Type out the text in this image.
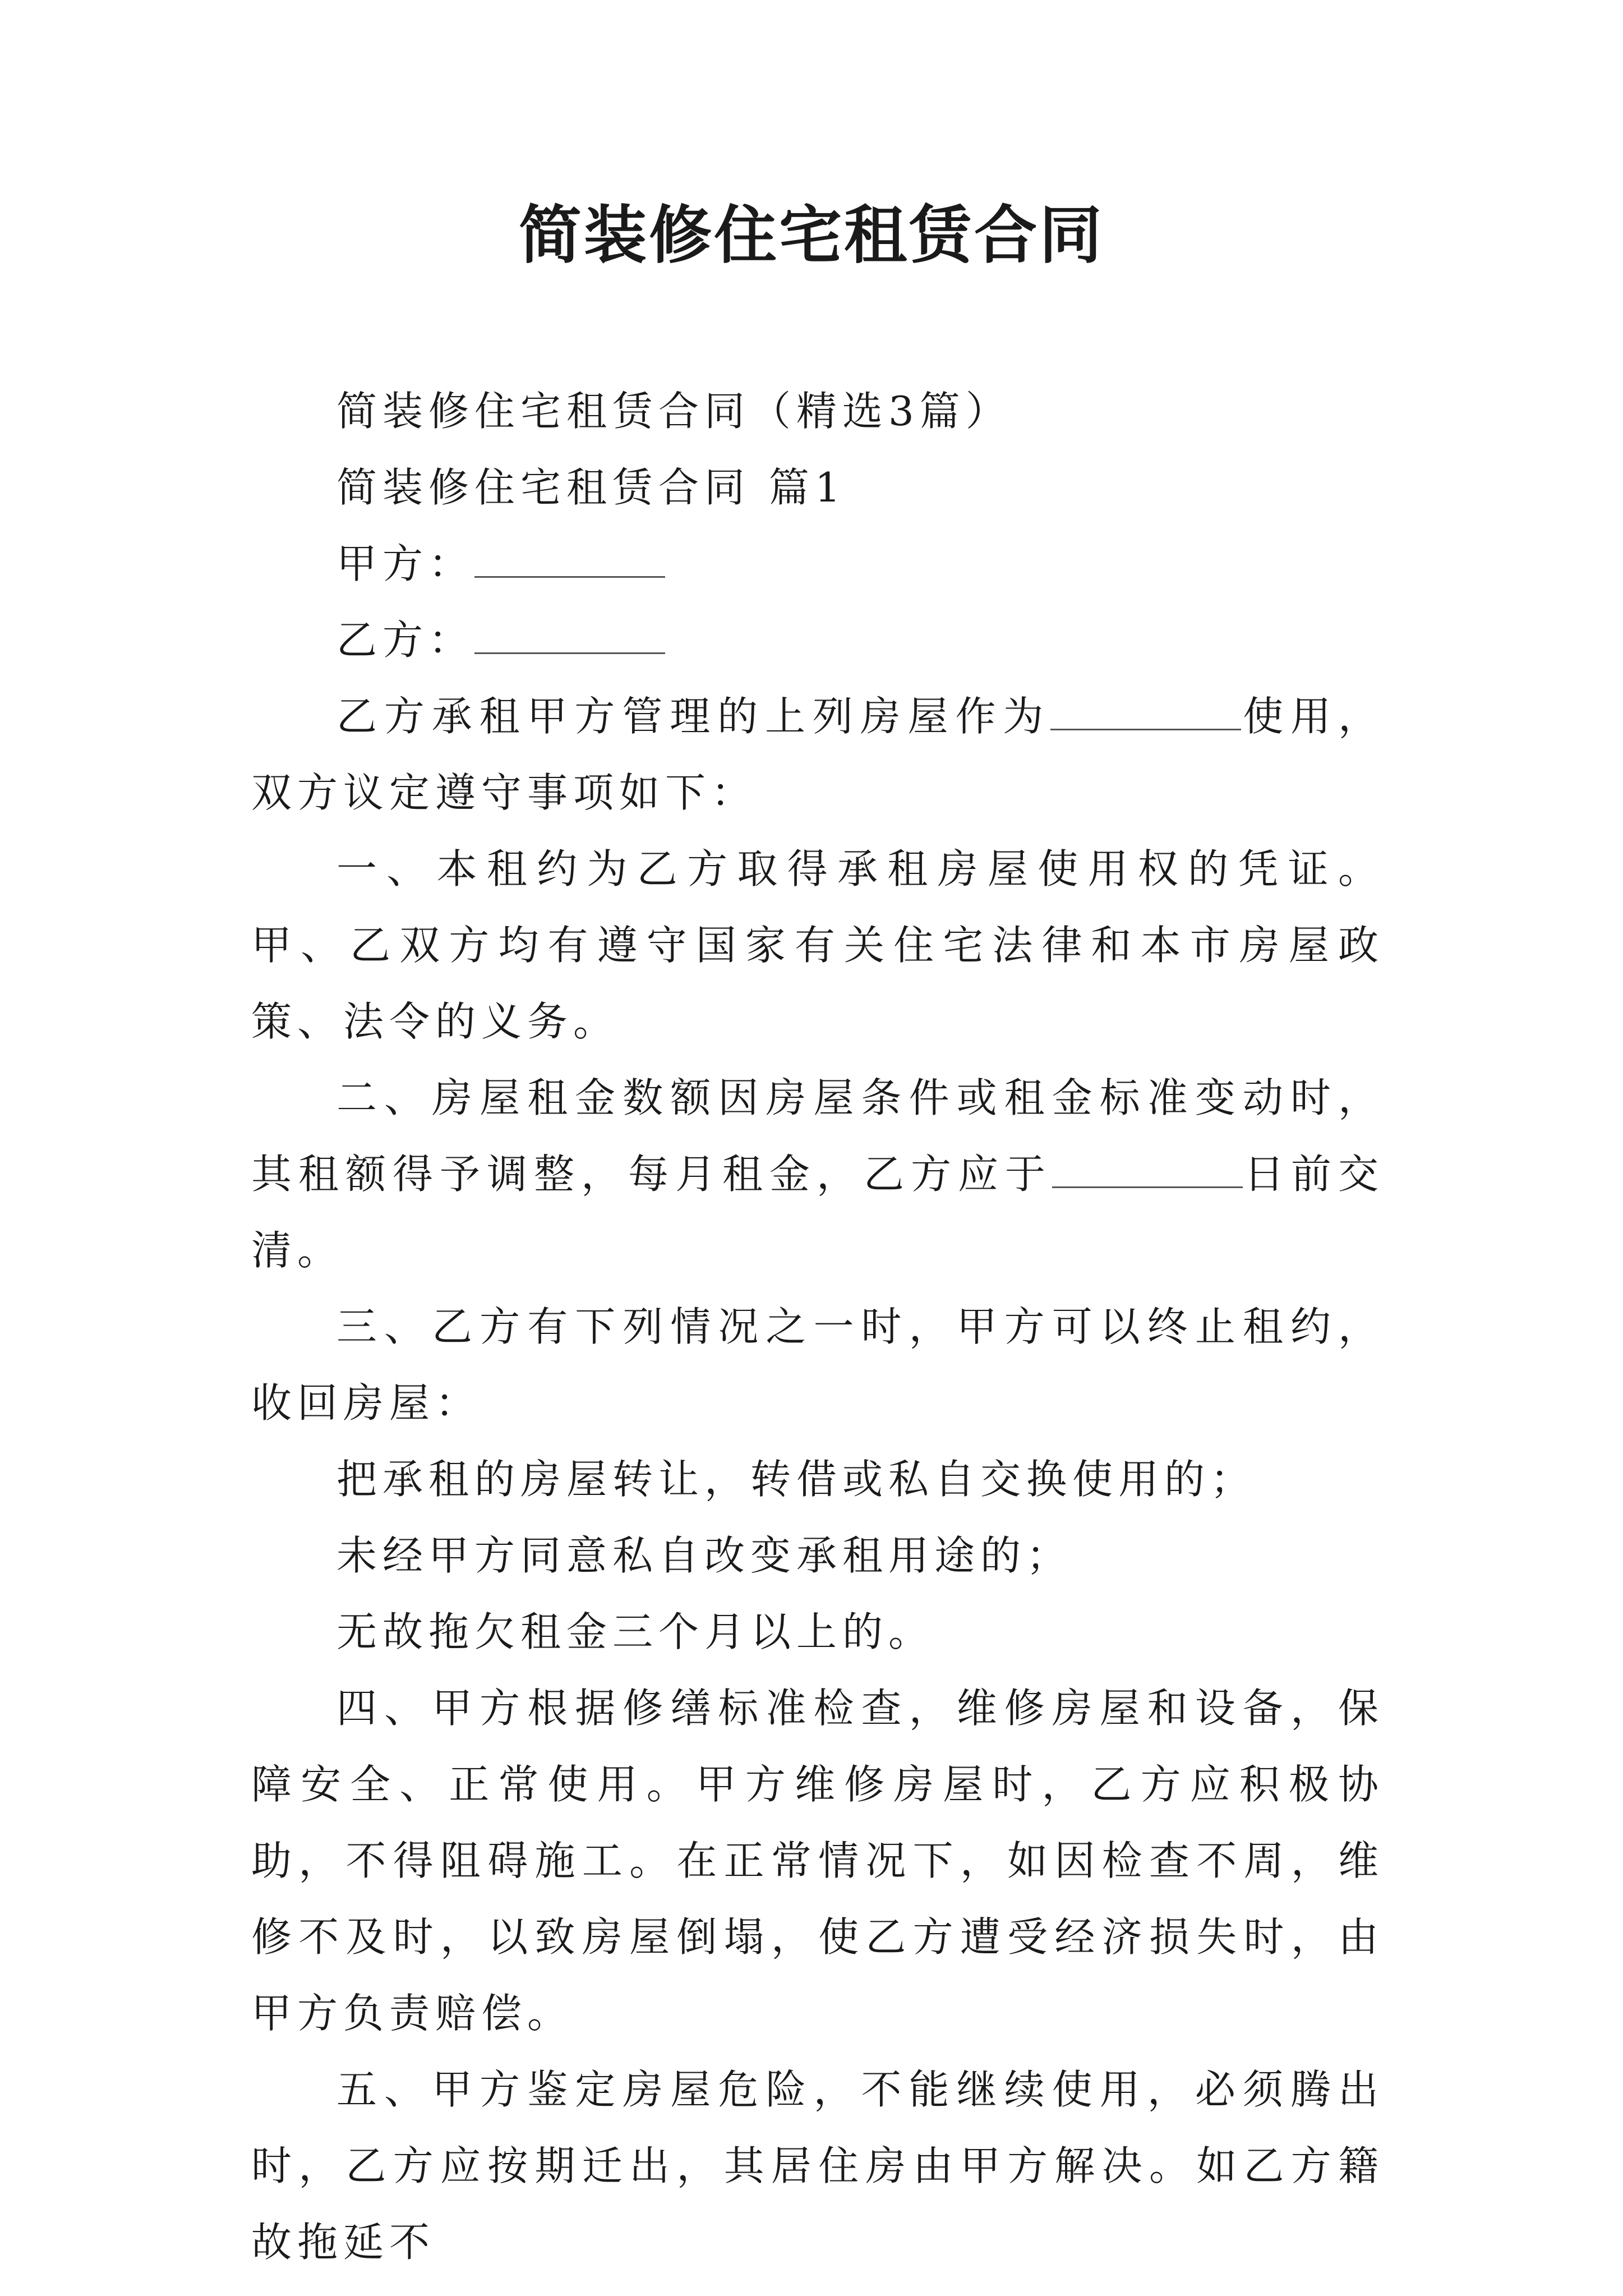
简装修住宅租赁合同

简装修住宅租赁合同（精选3篇）

简装修住宅租赁合同 篇1

甲方：

乙方：

乙方承租甲方管理的上列房屋作为	使用，双方议定遵守事项如下：

一、本租约为乙方取得承租房屋使用权的凭证。甲、乙双方均有遵守国家有关住宅法律和本市房屋政策、法令的义务。

二、房屋租金数额因房屋条件或租金标准变动时，其租额得予调整，每月租金，乙方应于	日前交清。

三、乙方有下列情况之一时，甲方可以终止租约，收回房屋：

把承租的房屋转让，转借或私自交换使用的；

未经甲方同意私自改变承租用途的；

无故拖欠租金三个月以上的。

四、甲方根据修缮标准检查，维修房屋和设备，保障安全、正常使用。甲方维修房屋时，乙方应积极协助，不得阻碍施工。在正常情况下，如因检查不周，维修不及时，以致房屋倒塌，使乙方遭受经济损失时，由甲方负责赔偿。

五、甲方鉴定房屋危险，不能继续使用，必须腾出时，乙方应按期迁出，其居住房由甲方解决。如乙方籍故拖延不
